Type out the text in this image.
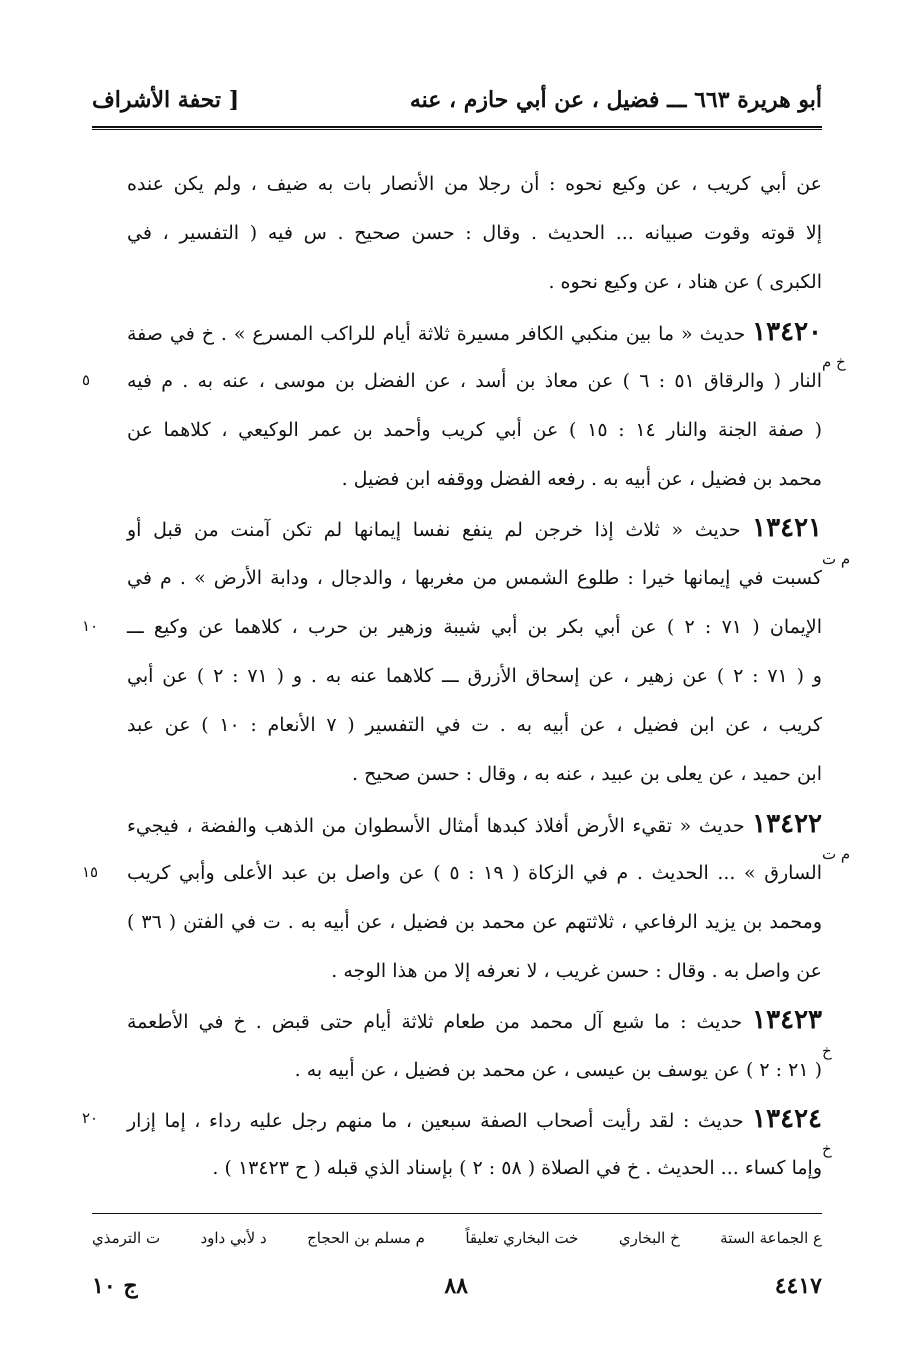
أبو هريرة ٦٦٣ ـــ فضيل ، عن أبي حازم ، عنه
[ تحفة الأشراف
عن أبي كريب ، عن وكيع نحوه : أن رجلا من الأنصار بات به ضيف ، ولم يكن عنده
إلا قوته وقوت صبيانه ... الحديث . وقال : حسن صحيح . س فيه ( التفسير ، في
الكبرى ) عن هناد ، عن وكيع نحوه .
١٣٤٢٠ حديث « ما بين منكبي الكافر مسيرة ثلاثة أيام للراكب المسرع » . خ في صفة
النار ( والرقاق ٥١ : ٦ ) عن معاذ بن أسد ، عن الفضل بن موسى ، عنه به . م فيه
( صفة الجنة والنار ١٤ : ١٥ ) عن أبي كريب وأحمد بن عمر الوكيعي ، كلاهما عن
محمد بن فضيل ، عن أبيه به . رفعه الفضل ووقفه ابن فضيل .
١٣٤٢١ حديث « ثلاث إذا خرجن لم ينفع نفسا إيمانها لم تكن آمنت من قبل أو
كسبت في إيمانها خيرا : طلوع الشمس من مغربها ، والدجال ، ودابة الأرض » . م في
الإيمان ( ٧١ : ٢ ) عن أبي بكر بن أبي شيبة وزهير بن حرب ، كلاهما عن وكيع ـــ
و ( ٧١ : ٢ ) عن زهير ، عن إسحاق الأزرق ـــ كلاهما عنه به . و ( ٧١ : ٢ ) عن أبي
كريب ، عن ابن فضيل ، عن أبيه به . ت في التفسير ( ٧ الأنعام : ١٠ ) عن عبد
ابن حميد ، عن يعلى بن عبيد ، عنه به ، وقال : حسن صحيح .
١٣٤٢٢ حديث « تقيء الأرض أفلاذ كبدها أمثال الأسطوان من الذهب والفضة ، فيجيء
السارق » ... الحديث . م في الزكاة ( ١٩ : ٥ ) عن واصل بن عبد الأعلى وأبي كريب
ومحمد بن يزيد الرفاعي ، ثلاثتهم عن محمد بن فضيل ، عن أبيه به . ت في الفتن ( ٣٦ )
عن واصل به . وقال : حسن غريب ، لا نعرفه إلا من هذا الوجه .
١٣٤٢٣ حديث : ما شبع آل محمد من طعام ثلاثة أيام حتى قبض . خ في الأطعمة
( ٢١ : ٢ ) عن يوسف بن عيسى ، عن محمد بن فضيل ، عن أبيه به .
١٣٤٢٤ حديث : لقد رأيت أصحاب الصفة سبعين ، ما منهم رجل عليه رداء ، إما إزار
وإما كساء ... الحديث . خ في الصلاة ( ٥٨ : ٢ ) بإسناد الذي قبله ( ح ١٣٤٢٣ ) .
خ م
م ت
م ت
خ
خ
٥
١٠
١٥
٢٠
ع الجماعة الستة
خ البخاري
خت البخاري تعليقاً
م مسلم بن الحجاج
د لأبي داود
ت الترمذي
٤٤١٧
٨٨
ج ١٠
